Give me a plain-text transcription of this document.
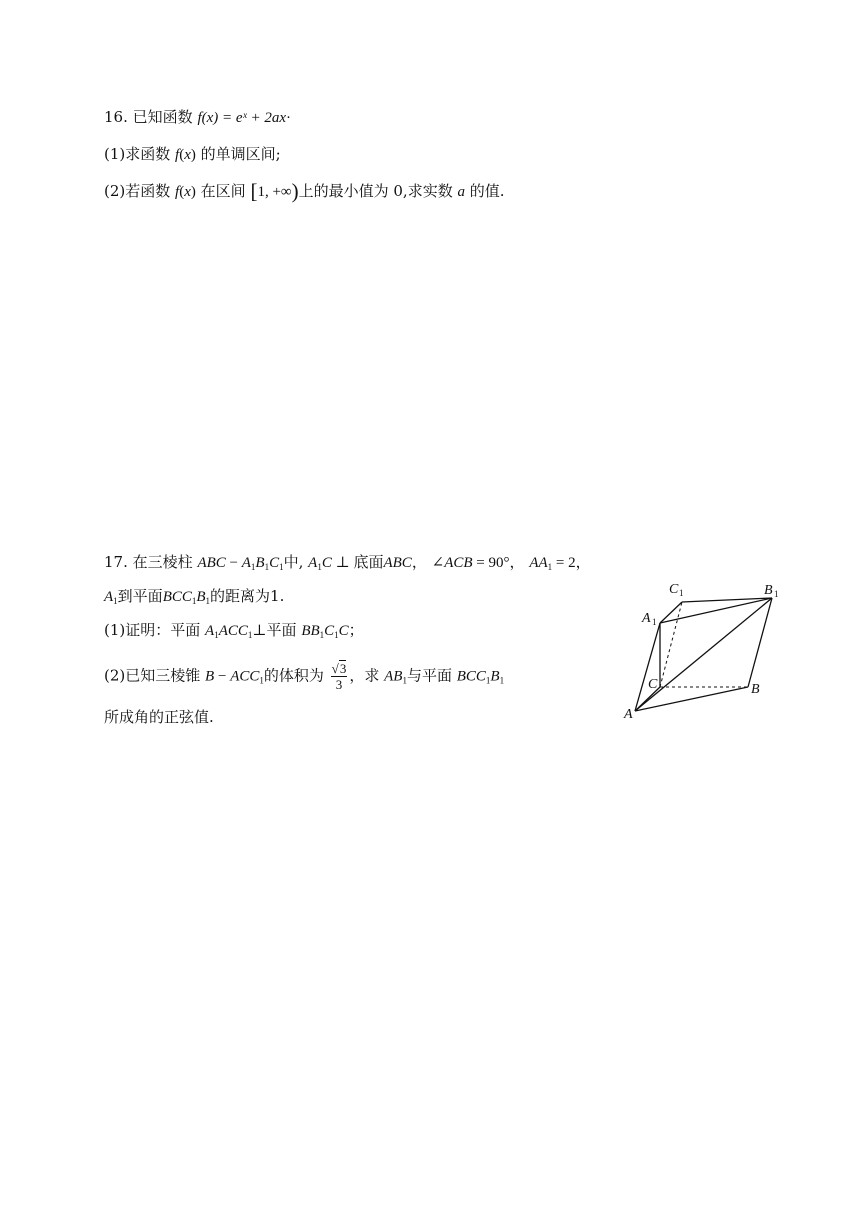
16. 已知函数 f(x) = eˣ + 2ax·
(1)求函数 f(x) 的单调区间;
(2)若函数 f(x) 在区间 [1, +∞)上的最小值为 0,求实数 a 的值.
17. 在三棱柱 ABC − $A_1B_1C_1$中, $A_1C$ ⊥ 底面ABC， ∠ACB = 90°， $AA_1 = 2$，
$A_1$到平面$BCC_1B_1$的距离为1.
(1)证明：平面 $A_1ACC_1\perp$平面 $BB_1C_1C$；
(2)已知三棱锥 $B - ACC_1$的体积为 $\frac{√3}{3}$ ，求 $AB_1$与平面 $BCC_1B_1$
所成角的正弦值.
C 1	B 1
A 1
C	B
A
